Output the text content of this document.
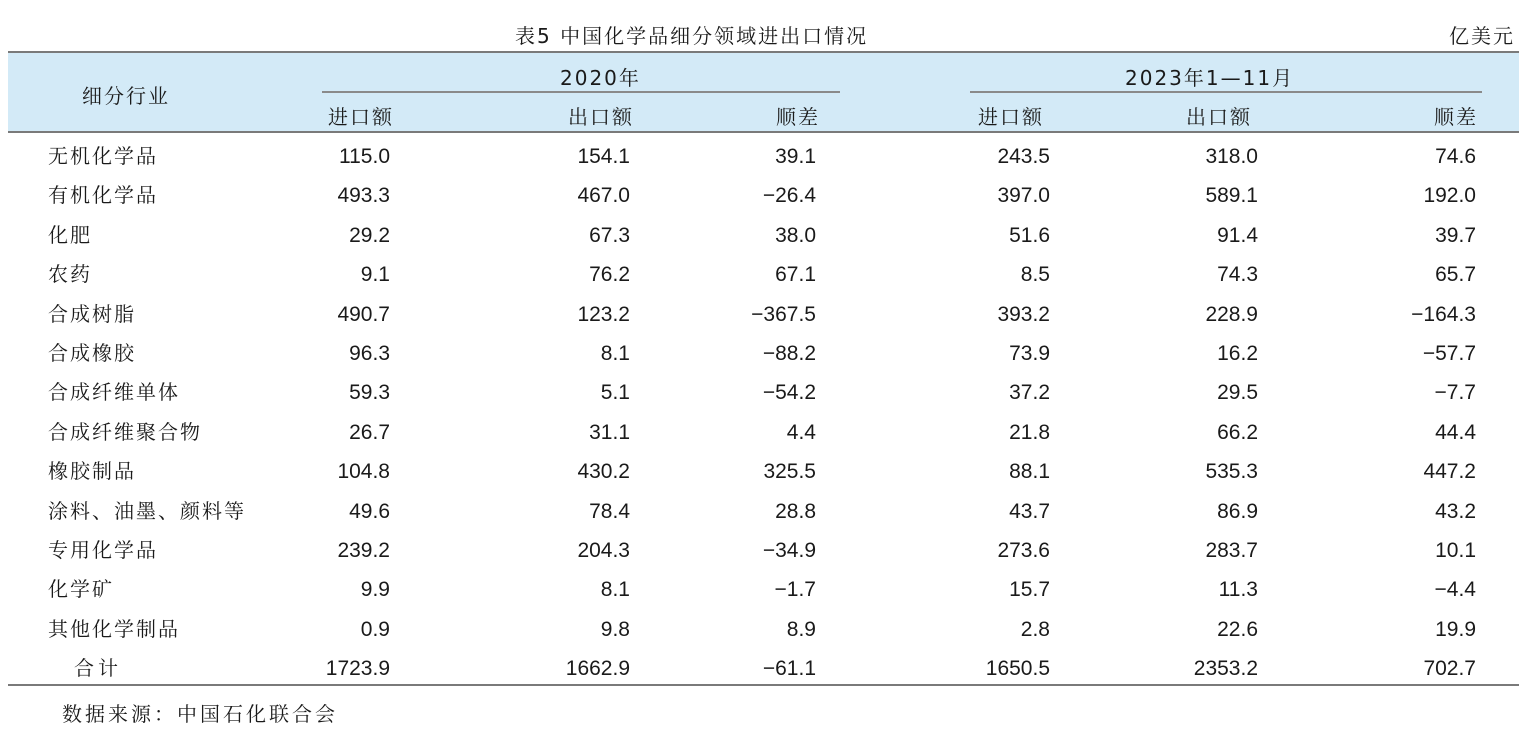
表5 中国化学品细分领域进出口情况	亿美元
细分行业
2020年	2023年1—11月
进口额	出口额	顺差	进口额	出口额	顺差
无机化学品	115.0	154.1	39.1	243.5	318.0	74.6
有机化学品	493.3	467.0	−26.4	397.0	589.1	192.0
化肥	29.2	67.3	38.0	51.6	91.4	39.7
农药	9.1	76.2	67.1	8.5	74.3	65.7
合成树脂	490.7	123.2	−367.5	393.2	228.9	−164.3
合成橡胶	96.3	8.1	−88.2	73.9	16.2	−57.7
合成纤维单体	59.3	5.1	−54.2	37.2	29.5	−7.7
合成纤维聚合物	26.7	31.1	4.4	21.8	66.2	44.4
橡胶制品	104.8	430.2	325.5	88.1	535.3	447.2
涂料、油墨、颜料等	49.6	78.4	28.8	43.7	86.9	43.2
专用化学品	239.2	204.3	−34.9	273.6	283.7	10.1
化学矿	9.9	8.1	−1.7	15.7	11.3	−4.4
其他化学制品	0.9	9.8	8.9	2.8	22.6	19.9
合计	1723.9	1662.9	−61.1	1650.5	2353.2	702.7
数据来源：中国石化联合会
